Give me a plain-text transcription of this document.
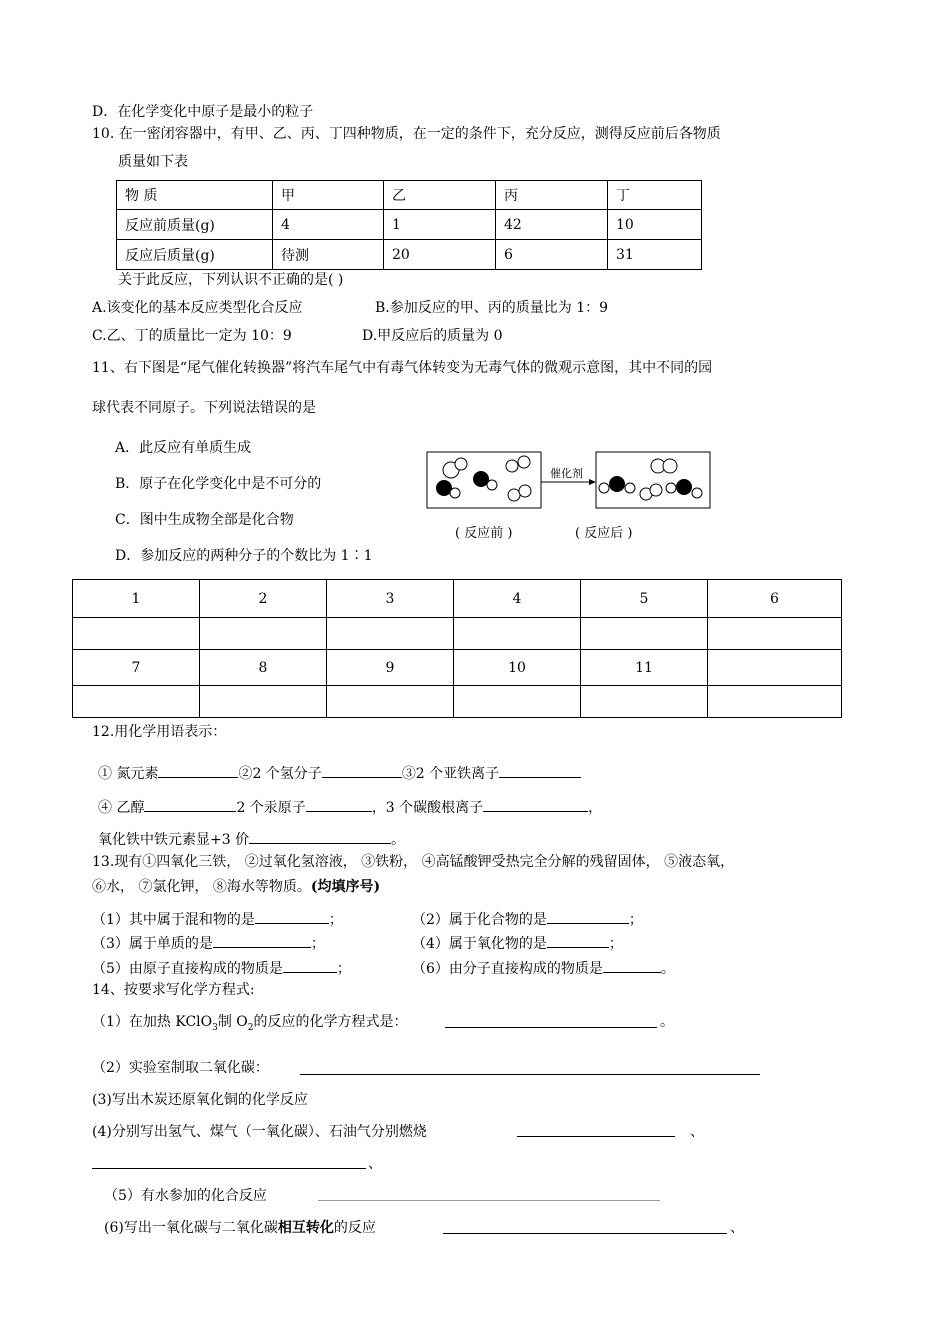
D．在化学变化中原子是最小的粒子
10. 在一密闭容器中，有甲、乙、丙、丁四种物质，在一定的条件下，充分反应，测得反应前后各物质
质量如下表
物 质	甲	乙	丙	丁
反应前质量(g)	4	1	42	10
反应后质量(g)	待测	20	6	31
关于此反应，下列认识不正确的是( )
A.该变化的基本反应类型化合反应	B.参加反应的甲、丙的质量比为 1：9
C.乙、丁的质量比一定为 10：9	D.甲反应后的质量为 0
11、右下图是“尾气催化转换器”将汽车尾气中有毒气体转变为无毒气体的微观示意图，其中不同的园
球代表不同原子。下列说法错误的是
A．此反应有单质生成
B．原子在化学变化中是不可分的
C．图中生成物全部是化合物
D．参加反应的两种分子的个数比为 1∶1
催化剂
( 反应前 )	( 反应后 )
1	2	3	4	5	6

7	8	9	10	11	

12.用化学用语表示：
① 氮元素	②2 个氢分子	③2 个亚铁离子
④ 乙醇	2 个汞原子	，3 个碳酸根离子	，
氧化铁中铁元素显+3 价	。
13.现有①四氧化三铁， ②过氧化氢溶液， ③铁粉， ④高锰酸钾受热完全分解的残留固体， ⑤液态氧，
⑥水， ⑦氯化钾， ⑧海水等物质。(均填序号)
（1）其中属于混和物的是	；	（2）属于化合物的是	；
（3）属于单质的是	；	（4）属于氧化物的是	；
（5）由原子直接构成的物质是	；	（6）由分子直接构成的物质是	。
14、按要求写化学方程式:
（1）在加热 KClO$_3$制 $O_2$的反应的化学方程式是：	。
（2）实验室制取二氧化碳：
(3)写出木炭还原氧化铜的化学反应
(4)分别写出氢气、煤气（一氧化碳）、石油气分别燃烧	、
、
（5）有水参加的化合反应
(6)写出一氧化碳与二氧化碳相互转化的反应	、
